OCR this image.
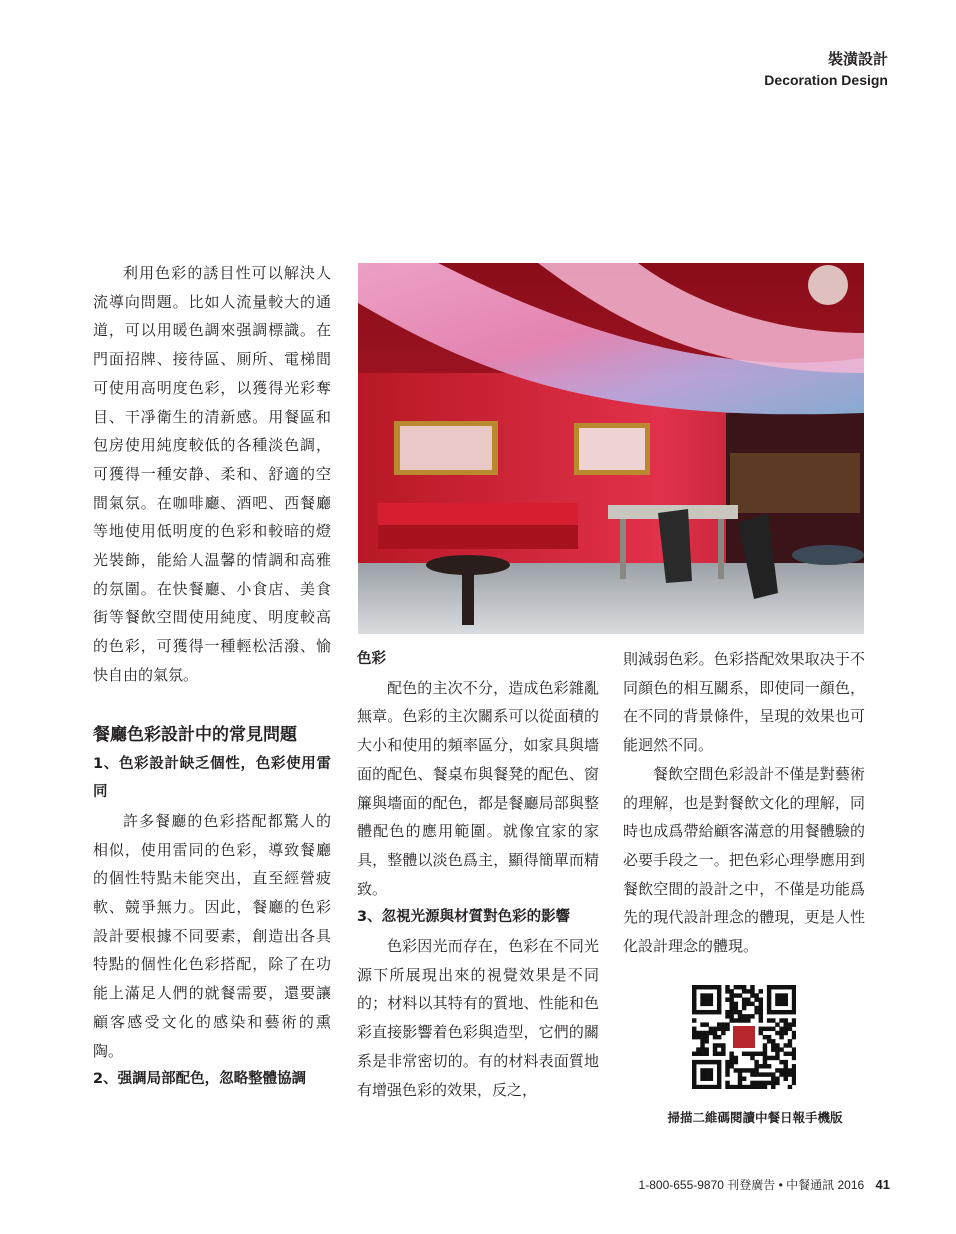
裝潢設計
Decoration Design

利用色彩的誘目性可以解決人流導向問題。比如人流量較大的通道，可以用暖色調來强調標識。在門面招牌、接待區、厠所、電梯間可使用高明度色彩，以獲得光彩奪目、干凈衛生的清新感。用餐區和包房使用純度較低的各種淡色調，可獲得一種安静、柔和、舒適的空間氣氛。在咖啡廳、酒吧、西餐廳等地使用低明度的色彩和較暗的燈光裝飾，能給人温馨的情調和高雅的氛圍。在快餐廳、小食店、美食街等餐飲空間使用純度、明度較高的色彩，可獲得一種輕松活潑、愉快自由的氣氛。

餐廳色彩設計中的常見問題
1、色彩設計缺乏個性，色彩使用雷同

許多餐廳的色彩搭配都驚人的相似，使用雷同的色彩，導致餐廳的個性特點未能突出，直至經營疲軟、競爭無力。因此，餐廳的色彩設計要根據不同要素，創造出各具特點的個性化色彩搭配，除了在功能上滿足人們的就餐需要，還要讓顧客感受文化的感染和藝術的熏陶。

2、强調局部配色，忽略整體協調
色彩

配色的主次不分，造成色彩雜亂無章。色彩的主次關系可以從面積的大小和使用的頻率區分，如家具與墻面的配色、餐桌布與餐凳的配色、窗簾與墻面的配色，都是餐廳局部與整體配色的應用範圍。就像宜家的家具，整體以淡色爲主，顯得簡單而精致。

3、忽視光源與材質對色彩的影響

色彩因光而存在，色彩在不同光源下所展現出來的視覺效果是不同的；材料以其特有的質地、性能和色彩直接影響着色彩與造型，它們的關系是非常密切的。有的材料表面質地有增强色彩的效果，反之，

則減弱色彩。色彩搭配效果取决于不同顔色的相互關系，即使同一顔色，在不同的背景條件，呈現的效果也可能迥然不同。

餐飲空間色彩設計不僅是對藝術的理解，也是對餐飲文化的理解，同時也成爲帶給顧客滿意的用餐體驗的必要手段之一。把色彩心理學應用到餐飲空間的設計之中，不僅是功能爲先的現代設計理念的體現，更是人性化設計理念的體現。

掃描二維碼閱讀中餐日報手機版
1-800-655-9870 刊登廣告 • 中餐通訊 2016 41
